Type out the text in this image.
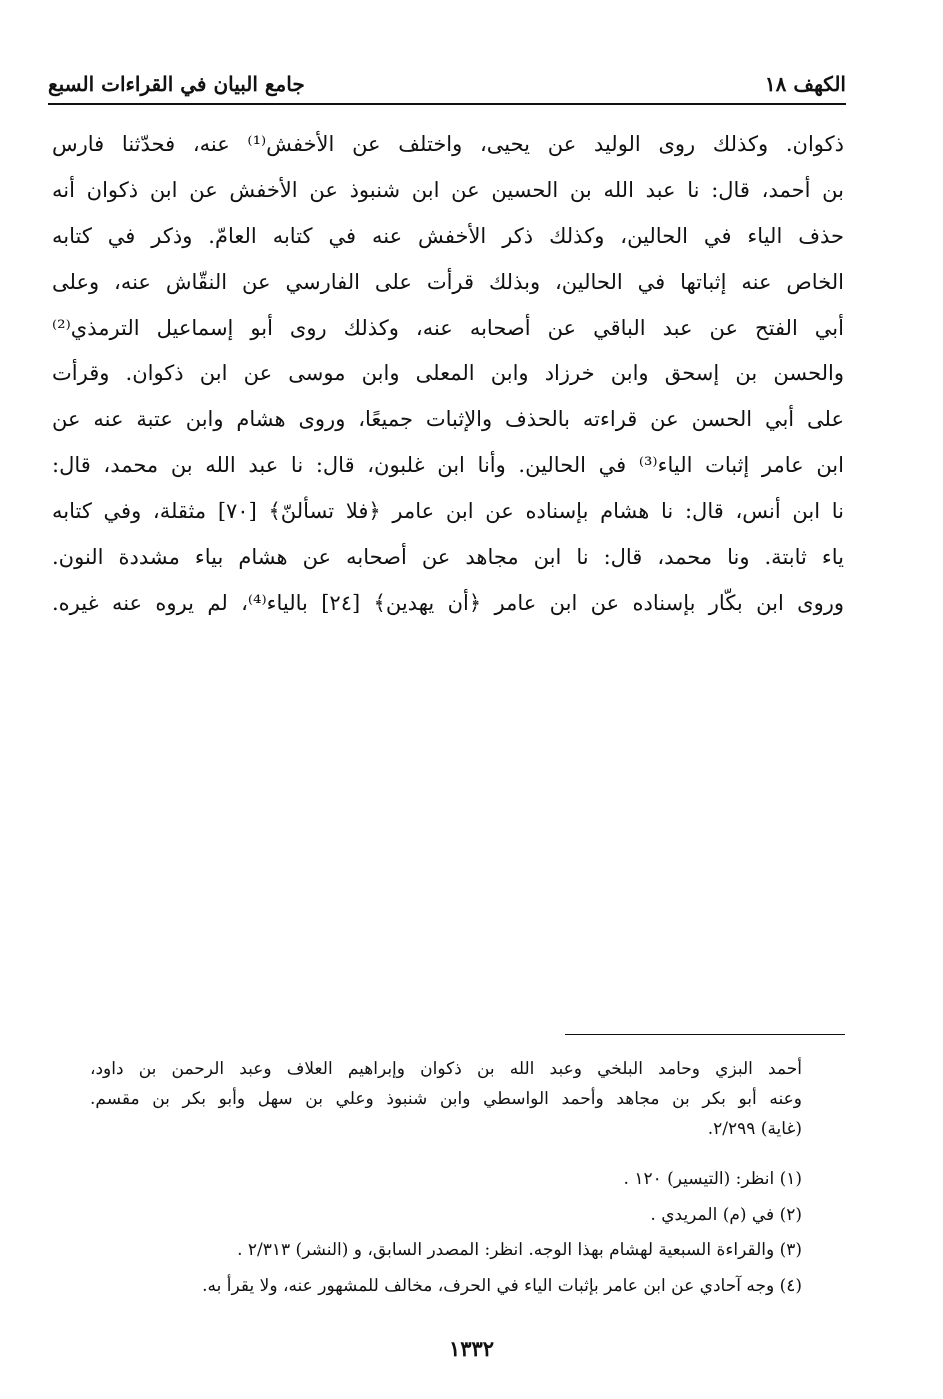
الكهف ١٨
جامع البيان في القراءات السبع
ذكوان. وكذلك روى الوليد عن يحيى، واختلف عن الأخفش⁽¹⁾ عنه، فحدّثنا فارس
بن أحمد، قال: نا عبد الله بن الحسين عن ابن شنبوذ عن الأخفش عن ابن ذكوان أنه
حذف الياء في الحالين، وكذلك ذكر الأخفش عنه في كتابه العامّ. وذكر في كتابه
الخاص عنه إثباتها في الحالين، وبذلك قرأت على الفارسي عن النقّاش عنه، وعلى
أبي الفتح عن عبد الباقي عن أصحابه عنه، وكذلك روى أبو إسماعيل الترمذي⁽²⁾
والحسن بن إسحق وابن خرزاد وابن المعلى وابن موسى عن ابن ذكوان. وقرأت
على أبي الحسن عن قراءته بالحذف والإثبات جميعًا، وروى هشام وابن عتبة عنه عن
ابن عامر إثبات الياء⁽³⁾ في الحالين. وأنا ابن غلبون، قال: نا عبد الله بن محمد، قال:
نا ابن أنس، قال: نا هشام بإسناده عن ابن عامر ﴿فلا تسألنّ﴾ [٧٠] مثقلة، وفي كتابه
ياء ثابتة. ونا محمد، قال: نا ابن مجاهد عن أصحابه عن هشام بياء مشددة النون.
وروى ابن بكّار بإسناده عن ابن عامر ﴿أن يهدين﴾ [٢٤] بالياء⁽⁴⁾، لم يروه عنه غيره.
أحمد البزي وحامد البلخي وعبد الله بن ذكوان وإبراهيم العلاف وعبد الرحمن بن داود،
وعنه أبو بكر بن مجاهد وأحمد الواسطي وابن شنبوذ وعلي بن سهل وأبو بكر بن مقسم.
(غاية) ٢/٢٩٩.
(١) انظر: (التيسير) ١٢٠ .
(٢) في (م) المريدي .
(٣) والقراءة السبعية لهشام بهذا الوجه. انظر: المصدر السابق، و (النشر) ٢/٣١٣ .
(٤) وجه آحادي عن ابن عامر بإثبات الياء في الحرف، مخالف للمشهور عنه، ولا يقرأ به.
١٣٣٢
